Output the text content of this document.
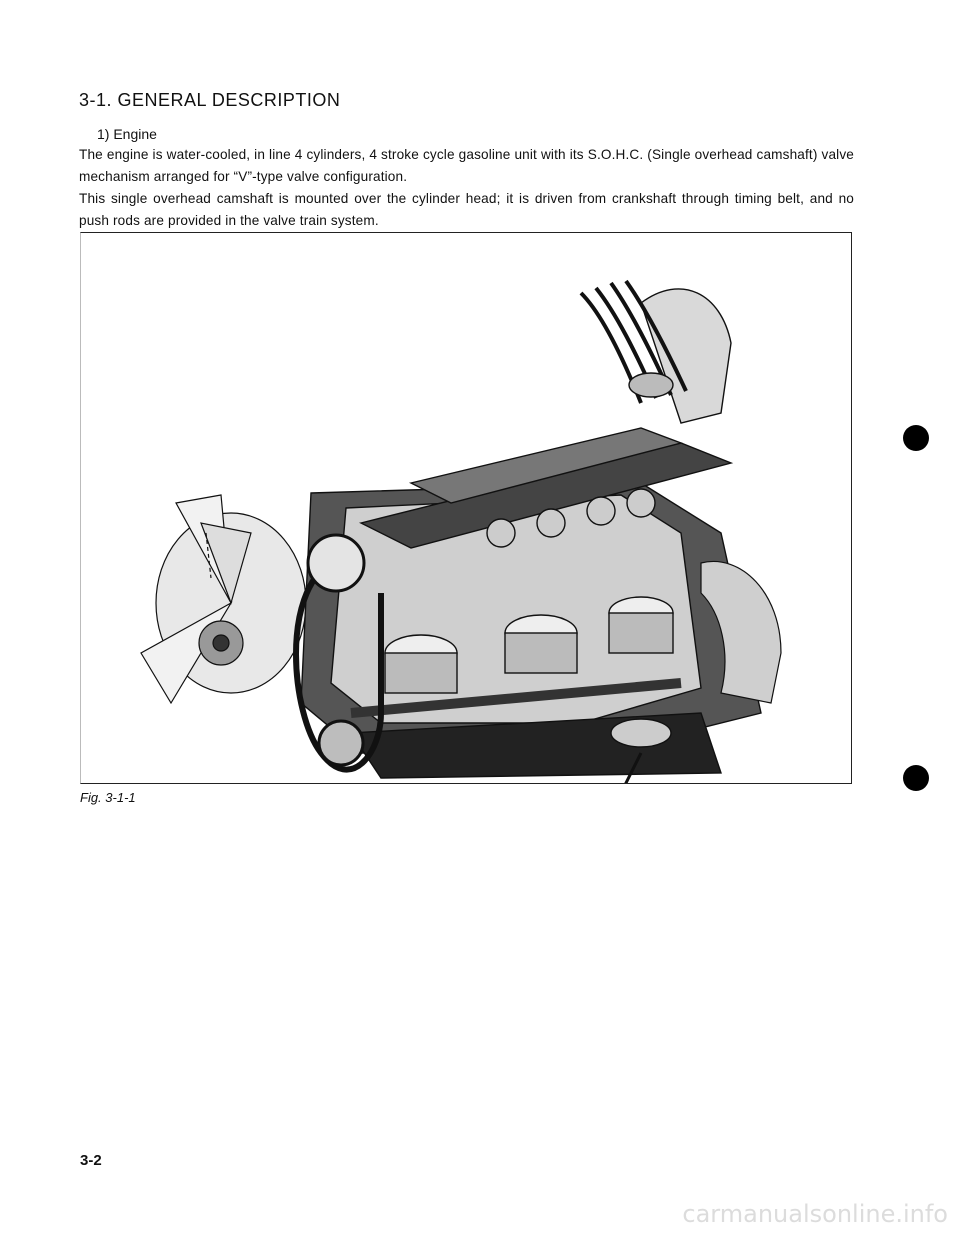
3-1. GENERAL DESCRIPTION
1) Engine

The engine is water-cooled, in line 4 cylinders, 4 stroke cycle gasoline unit with its S.O.H.C. (Single overhead camshaft) valve mechanism arranged for “V”-type valve configuration.

This single overhead camshaft is mounted over the cylinder head; it is driven from crankshaft through timing belt, and no push rods are provided in the valve train system.

Fig. 3-1-1
3-2
carmanualsonline.info
